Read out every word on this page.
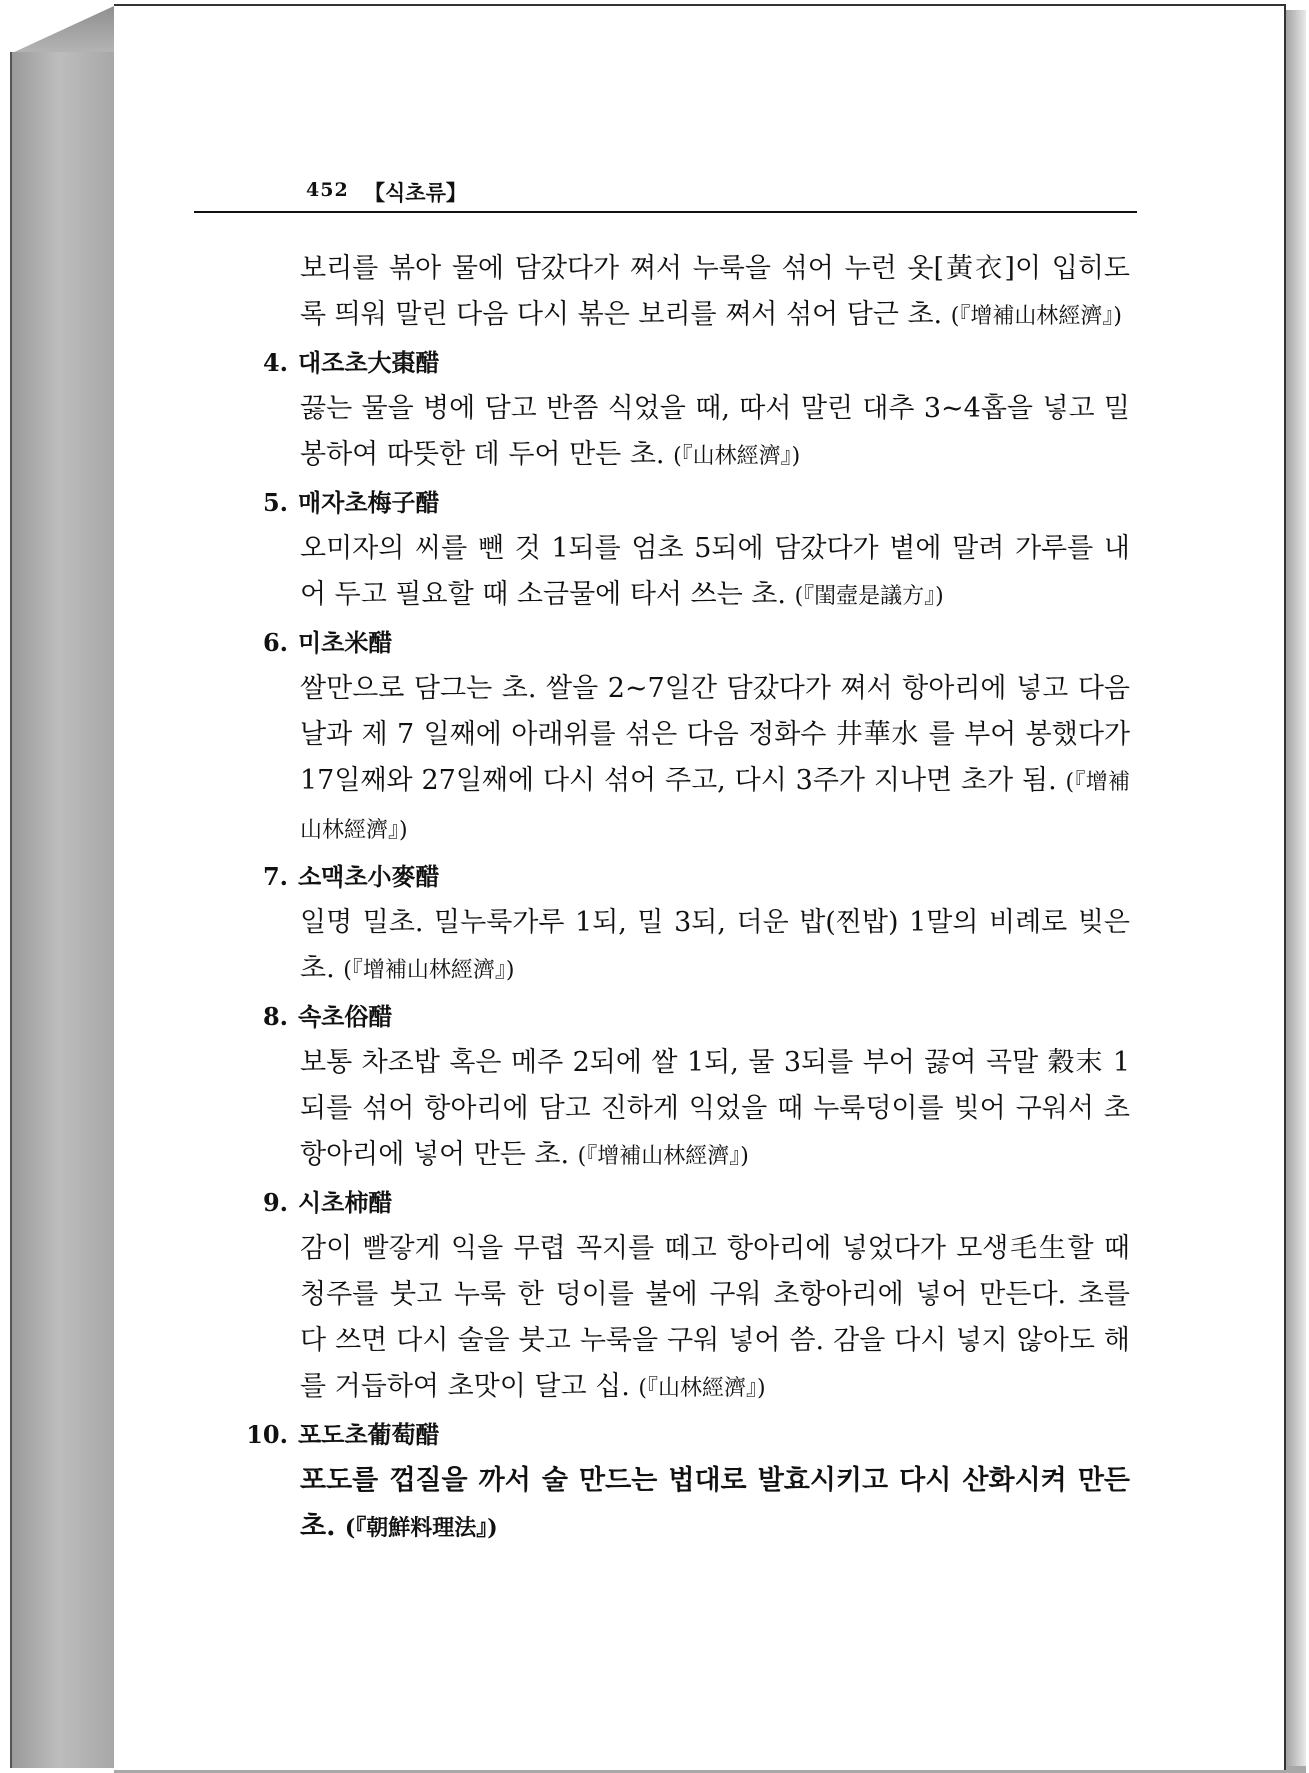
452 【식초류】

보리를 볶아 물에 담갔다가 쪄서 누룩을 섞어 누런 옷[黃衣]이 입히도록 띄워 말린 다음 다시 볶은 보리를 쪄서 섞어 담근 초. (『增補山林經濟』)

4. 대조초大棗醋

끓는 물을 병에 담고 반쯤 식었을 때, 따서 말린 대추 3~4홉을 넣고 밀봉하여 따뜻한 데 두어 만든 초. (『山林經濟』)

5. 매자초梅子醋

오미자의 씨를 뺀 것 1되를 엄초 5되에 담갔다가 볕에 말려 가루를 내어 두고 필요할 때 소금물에 타서 쓰는 초. (『閨壼是議方』)

6. 미초米醋

쌀만으로 담그는 초. 쌀을 2~7일간 담갔다가 쪄서 항아리에 넣고 다음날과 제 7 일째에 아래위를 섞은 다음 정화수 井華水 를 부어 봉했다가 17일째와 27일째에 다시 섞어 주고, 다시 3주가 지나면 초가 됨. (『增補山林經濟』)

7. 소맥초小麥醋

일명 밀초. 밀누룩가루 1되, 밀 3되, 더운 밥(찐밥) 1말의 비례로 빚은 초. (『增補山林經濟』)

8. 속초俗醋

보통 차조밥 혹은 메주 2되에 쌀 1되, 물 3되를 부어 끓여 곡말 穀末 1되를 섞어 항아리에 담고 진하게 익었을 때 누룩덩이를 빚어 구워서 초항아리에 넣어 만든 초. (『增補山林經濟』)

9. 시초柿醋

감이 빨갛게 익을 무렵 꼭지를 떼고 항아리에 넣었다가 모생毛生할 때 청주를 붓고 누룩 한 덩이를 불에 구워 초항아리에 넣어 만든다. 초를 다 쓰면 다시 술을 붓고 누룩을 구워 넣어 씀. 감을 다시 넣지 않아도 해를 거듭하여 초맛이 달고 십. (『山林經濟』)

10. 포도초葡萄醋

포도를 껍질을 까서 술 만드는 법대로 발효시키고 다시 산화시켜 만든 초. (『朝鮮料理法』)
